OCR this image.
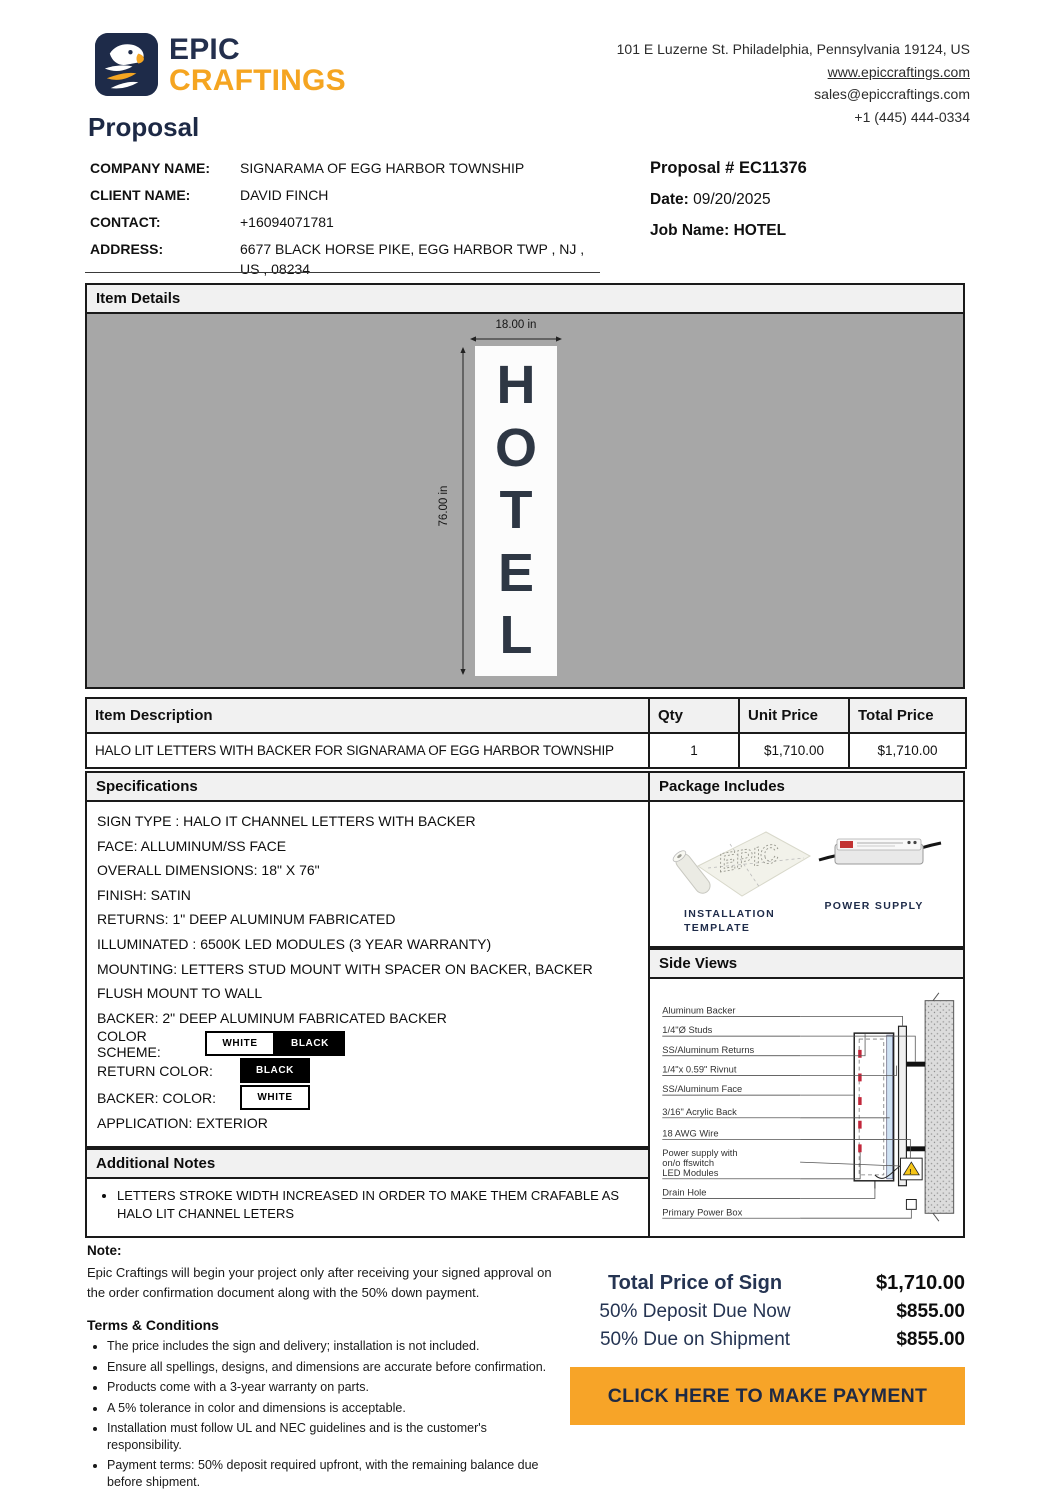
EPIC
CRAFTINGS
101 E Luzerne St. Philadelphia, Pennsylvania 19124, US
www.epiccraftings.com
sales@epiccraftings.com
+1 (445) 444-0334
Proposal
COMPANY NAME:	SIGNARAMA OF EGG HARBOR TOWNSHIP
CLIENT NAME:	DAVID FINCH
CONTACT:	+16094071781
ADDRESS:	6677 BLACK HORSE PIKE, EGG HARBOR TWP , NJ , US , 08234
Proposal # EC11376
Date: 09/20/2025
Job Name: HOTEL
Item Details
18.00 in
76.00 in
H
O
T
E
L
Item Description	Qty	Unit Price	Total Price
HALO LIT LETTERS WITH BACKER FOR SIGNARAMA OF EGG HARBOR TOWNSHIP	1	$1,710.00	$1,710.00
Specifications
SIGN TYPE : HALO IT CHANNEL LETTERS WITH BACKER
FACE: ALLUMINUM/SS FACE
OVERALL DIMENSIONS: 18" X 76"
FINISH: SATIN
RETURNS: 1" DEEP ALUMINUM FABRICATED
ILLUMINATED : 6500K LED MODULES (3 YEAR WARRANTY)
MOUNTING: LETTERS STUD MOUNT WITH SPACER ON BACKER, BACKER FLUSH MOUNT TO WALL
BACKER: 2" DEEP ALUMINUM FABRICATED BACKER
COLOR SCHEME:	WHITE	BLACK
RETURN COLOR:	BLACK
BACKER: COLOR:	WHITE
APPLICATION: EXTERIOR
Additional Notes
• LETTERS STROKE WIDTH INCREASED IN ORDER TO MAKE THEM CRAFABLE AS HALO LIT CHANNEL LETERS
Package Includes
EPIC
INSTALLATION
TEMPLATE
POWER SUPPLY
Side Views
!
Aluminum Backer
1/4"Ø Studs
SS/Aluminum Returns
1/4"x 0.59" Rivnut
SS/Aluminum Face
3/16" Acrylic Back
18 AWG Wire
Power supply with
on/o ffswitch
LED Modules
Drain Hole
Primary Power Box
Note:
Epic Craftings will begin your project only after receiving your signed approval on the order confirmation document along with the 50% down payment.
Terms & Conditions
• The price includes the sign and delivery; installation is not included.
• Ensure all spellings, designs, and dimensions are accurate before confirmation.
• Products come with a 3-year warranty on parts.
• A 5% tolerance in color and dimensions is acceptable.
• Installation must follow UL and NEC guidelines and is the customer's responsibility.
• Payment terms: 50% deposit required upfront, with the remaining balance due before shipment.
Total Price of Sign	$1,710.00
50% Deposit Due Now	$855.00
50% Due on Shipment	$855.00
CLICK HERE TO MAKE PAYMENT
